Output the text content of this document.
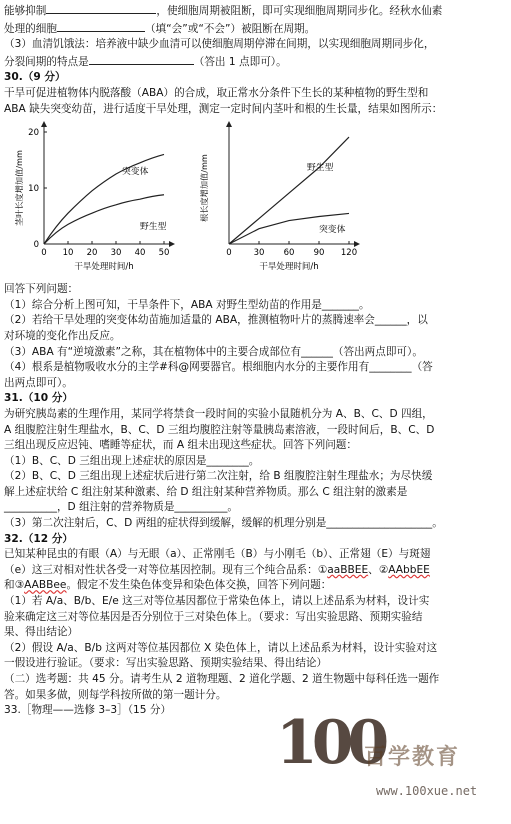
能够抑制	，使细胞周期被阻断，即可实现细胞周期同步化。经秋水仙素

处理的细胞	（填“会”或“不会”）被阻断在周期。

（3）血清饥饿法：培养液中缺少血清可以使细胞周期停滞在间期，以实现细胞周期同步化，

分裂间期的特点是	（答出 1 点即可）。

30.（9 分）

干旱可促进植物体内脱落酸（ABA）的合成，取正常水分条件下生长的某种植物的野生型和

ABA 缺失突变幼苗，进行适度干旱处理，测定一定时间内茎叶和根的生长量，结果如图所示：

0 10 20 30 40 50
0
10
20
干旱处理时间/h
茎叶长度增加值/mm	突变体
野生型
0	30 60 90 120
干旱处理时间/h
根长度增加值/mm	野生型
突变体

回答下列问题：

（1）综合分析上图可知，干旱条件下，ABA 对野生型幼苗的作用是_______。

（2）若给干旱处理的突变体幼苗施加适量的 ABA，推测植物叶片的蒸腾速率会______，以

对环境的变化作出反应。

（3）ABA 有“逆境激素”之称，其在植物体中的主要合成部位有______（答出两点即可）。

（4）根系是植物吸收水分的主学#科@网要器官。根细胞内水分的主要作用有________（答

出两点即可）。

31.（10 分）

为研究胰岛素的生理作用，某同学将禁食一段时间的实验小鼠随机分为 A、B、C、D 四组，

A 组腹腔注射生理盐水，B、C、D 三组均腹腔注射等量胰岛素溶液，一段时间后，B、C、D

三组出现反应迟钝、嗜睡等症状，而 A 组未出现这些症状。回答下列问题：

（1）B、C、D 三组出现上述症状的原因是________。

（2）B、C、D 三组出现上述症状后进行第二次注射，给 B 组腹腔注射生理盐水；为尽快缓

解上述症状给 C 组注射某种激素、给 D 组注射某种营养物质。那么 C 组注射的激素是

__________，D 组注射的营养物质是__________。

（3）第二次注射后，C、D 两组的症状得到缓解，缓解的机理分别是____________________。

32.（12 分）

已知某种昆虫的有眼（A）与无眼（a）、正常刚毛（B）与小刚毛（b）、正常翅（E）与斑翅

（e）这三对相对性状各受一对等位基因控制。现有三个纯合品系：①aaBBEE、②AAbbEE

和③AABBee。假定不发生染色体变异和染色体交换，回答下列问题：

（1）若 A/a、B/b、E/e 这三对等位基因都位于常染色体上，请以上述品系为材料，设计实

验来确定这三对等位基因是否分别位于三对染色体上。（要求：写出实验思路、预期实验结

果、得出结论）

（2）假设 A/a、B/b 这两对等位基因都位 X 染色体上，请以上述品系为材料，设计实验对这

一假设进行验证。（要求：写出实验思路、预期实验结果、得出结论）

（二）选考题：共 45 分。请考生从 2 道物理题、2 道化学题、2 道生物题中每科任选一题作

答。如果多做，则每学科按所做的第一题计分。

33.［物理——选修 3–3］（15 分）	100
百学教育
www.100xue.net
